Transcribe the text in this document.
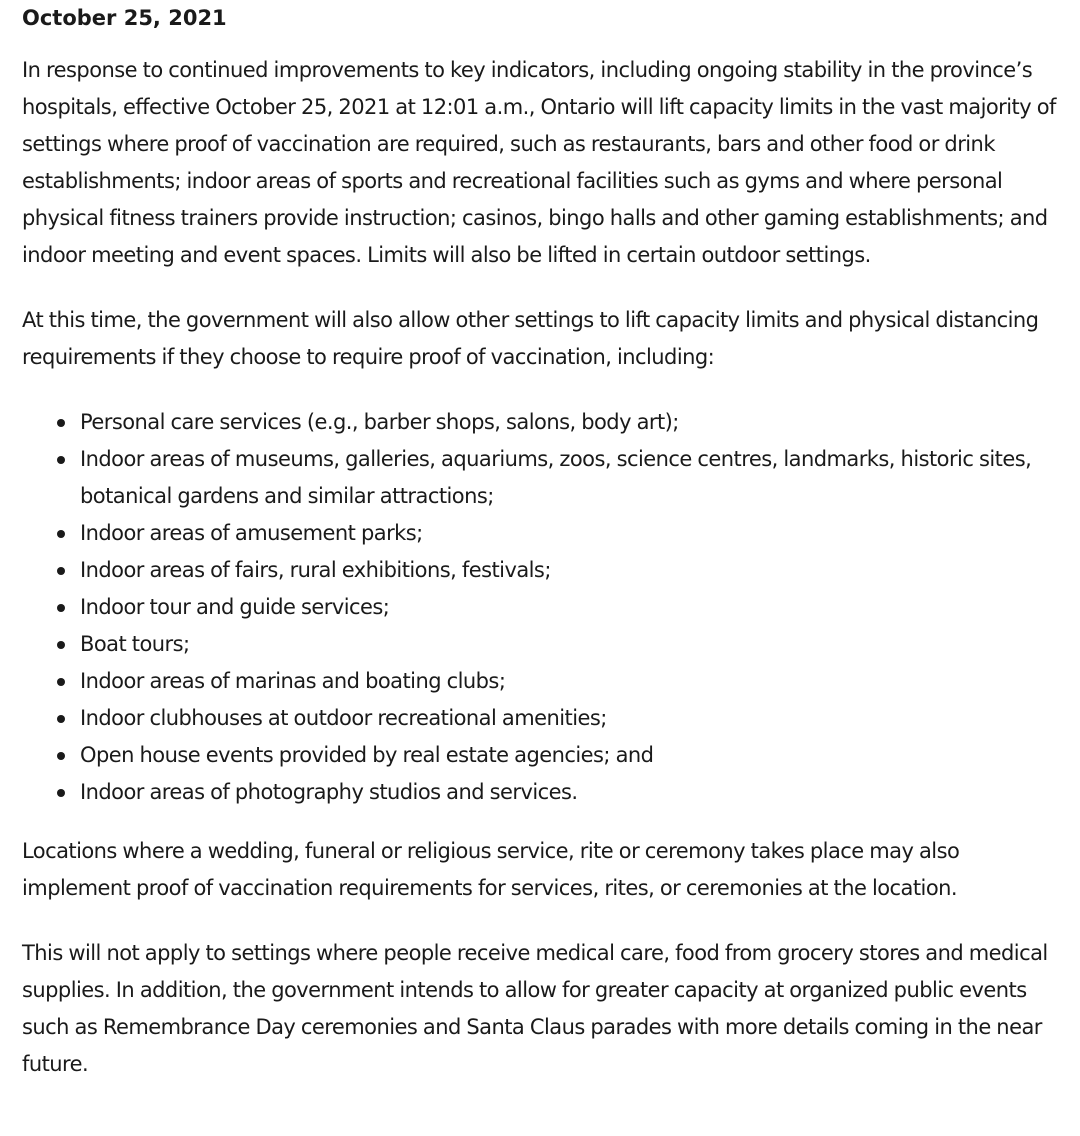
October 25, 2021

In response to continued improvements to key indicators, including ongoing stability in the province’s hospitals, effective October 25, 2021 at 12:01 a.m., Ontario will lift capacity limits in the vast majority of settings where proof of vaccination are required, such as restaurants, bars and other food or drink establishments; indoor areas of sports and recreational facilities such as gyms and where personal physical fitness trainers provide instruction; casinos, bingo halls and other gaming establishments; and indoor meeting and event spaces. Limits will also be lifted in certain outdoor settings.

At this time, the government will also allow other settings to lift capacity limits and physical distancing requirements if they choose to require proof of vaccination, including:

Personal care services (e.g., barber shops, salons, body art);
Indoor areas of museums, galleries, aquariums, zoos, science centres, landmarks, historic sites, botanical gardens and similar attractions;
Indoor areas of amusement parks;
Indoor areas of fairs, rural exhibitions, festivals;
Indoor tour and guide services;
Boat tours;
Indoor areas of marinas and boating clubs;
Indoor clubhouses at outdoor recreational amenities;
Open house events provided by real estate agencies; and
Indoor areas of photography studios and services.

Locations where a wedding, funeral or religious service, rite or ceremony takes place may also implement proof of vaccination requirements for services, rites, or ceremonies at the location.

This will not apply to settings where people receive medical care, food from grocery stores and medical supplies. In addition, the government intends to allow for greater capacity at organized public events such as Remembrance Day ceremonies and Santa Claus parades with more details coming in the near future.
